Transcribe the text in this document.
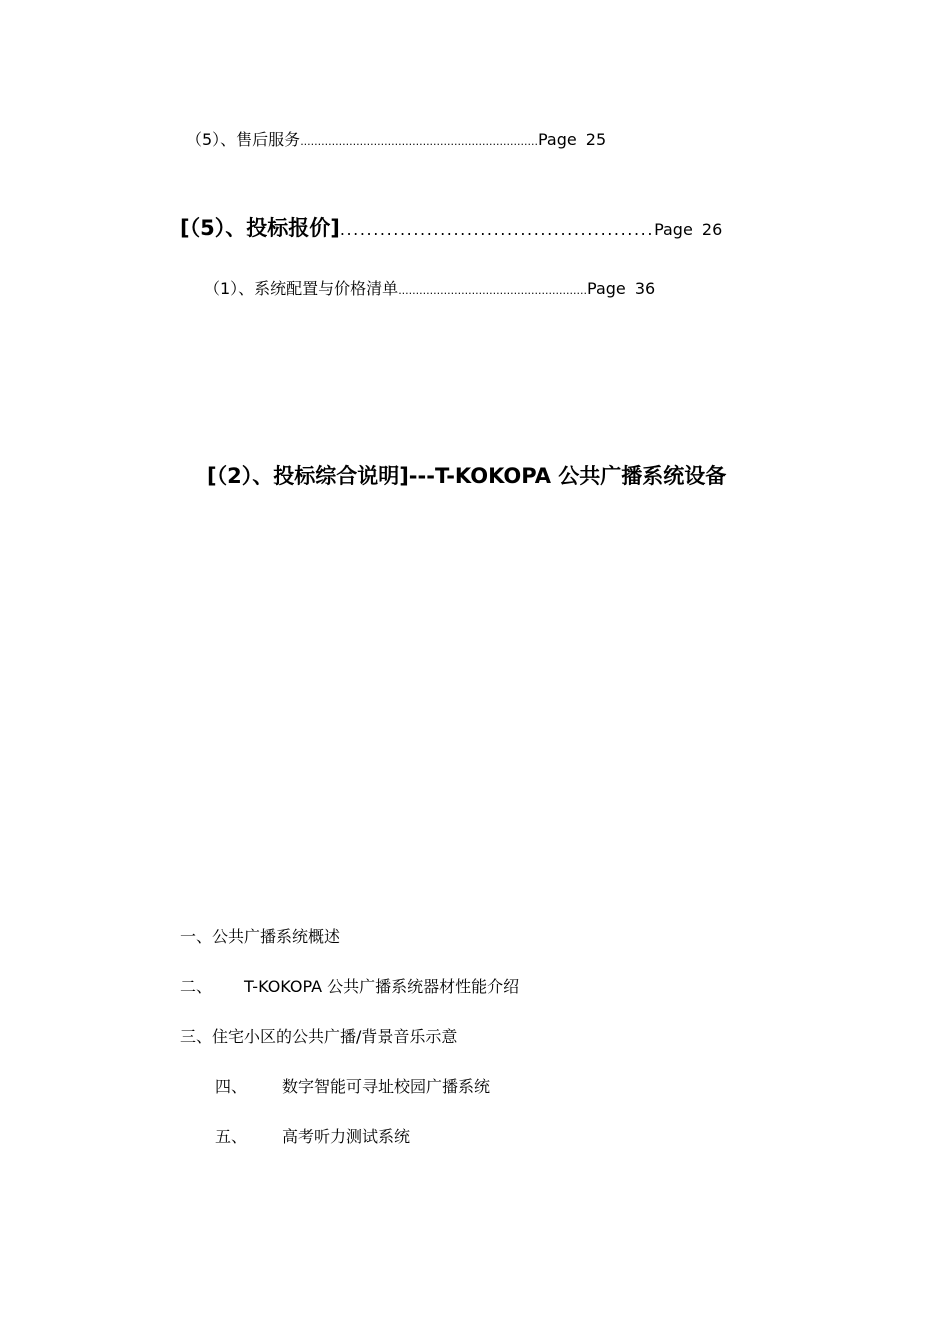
（5）、售后服务....................................................................Page 25
[（5）、投标报价]...............................................Page 26
（1）、系统配置与价格清单......................................................Page 36
[（2）、投标综合说明]---T-KOKOPA 公共广播系统设备
一、公共广播系统概述
二、 T-KOKOPA 公共广播系统器材性能介绍
三、住宅小区的公共广播/背景音乐示意
四、 数字智能可寻址校园广播系统
五、 高考听力测试系统
